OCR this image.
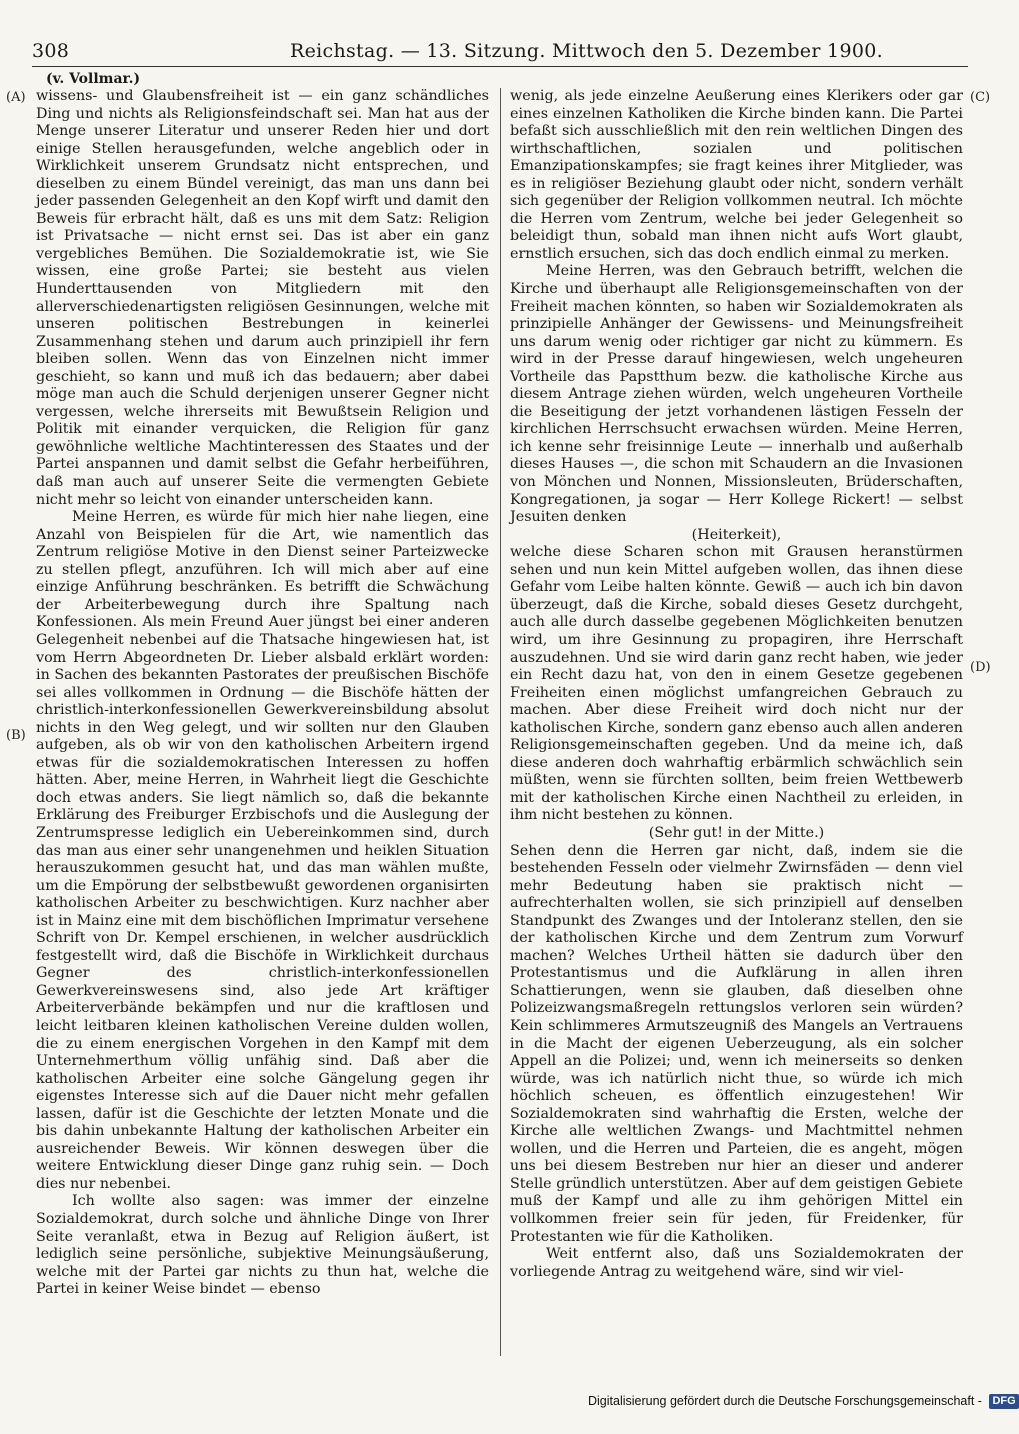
308	Reichstag. — 13. Sitzung. Mittwoch den 5. Dezember 1900.
(v. Vollmar.)
(A)
(B)
(C)
(D)

wissens- und Glaubensfreiheit ist — ein ganz schändliches Ding und nichts als Religionsfeindschaft sei. Man hat aus der Menge unserer Literatur und unserer Reden hier und dort einige Stellen herausgefunden, welche angeblich oder in Wirklichkeit unserem Grundsatz nicht entsprechen, und dieselben zu einem Bündel vereinigt, das man uns dann bei jeder passenden Gelegenheit an den Kopf wirft und damit den Beweis für erbracht hält, daß es uns mit dem Satz: Religion ist Privatsache — nicht ernst sei. Das ist aber ein ganz vergebliches Bemühen. Die Sozialdemokratie ist, wie Sie wissen, eine große Partei; sie besteht aus vielen Hunderttausenden von Mitgliedern mit den allerverschiedenartigsten religiösen Gesinnungen, welche mit unseren politischen Bestrebungen in keinerlei Zusammenhang stehen und darum auch prinzipiell ihr fern bleiben sollen. Wenn das von Einzelnen nicht immer geschieht, so kann und muß ich das bedauern; aber dabei möge man auch die Schuld derjenigen unserer Gegner nicht vergessen, welche ihrerseits mit Bewußtsein Religion und Politik mit einander verquicken, die Religion für ganz gewöhnliche weltliche Machtinteressen des Staates und der Partei anspannen und damit selbst die Gefahr herbeiführen, daß man auch auf unserer Seite die vermengten Gebiete nicht mehr so leicht von einander unterscheiden kann.

Meine Herren, es würde für mich hier nahe liegen, eine Anzahl von Beispielen für die Art, wie namentlich das Zentrum religiöse Motive in den Dienst seiner Parteizwecke zu stellen pflegt, anzuführen. Ich will mich aber auf eine einzige Anführung beschränken. Es betrifft die Schwächung der Arbeiterbewegung durch ihre Spaltung nach Konfessionen. Als mein Freund Auer jüngst bei einer anderen Gelegenheit nebenbei auf die Thatsache hingewiesen hat, ist vom Herrn Abgeordneten Dr. Lieber alsbald erklärt worden: in Sachen des bekannten Pastorates der preußischen Bischöfe sei alles vollkommen in Ordnung — die Bischöfe hätten der christlich-interkonfessionellen Gewerkvereinsbildung absolut nichts in den Weg gelegt, und wir sollten nur den Glauben aufgeben, als ob wir von den katholischen Arbeitern irgend etwas für die sozialdemokratischen Interessen zu hoffen hätten. Aber, meine Herren, in Wahrheit liegt die Geschichte doch etwas anders. Sie liegt nämlich so, daß die bekannte Erklärung des Freiburger Erzbischofs und die Auslegung der Zentrumspresse lediglich ein Uebereinkommen sind, durch das man aus einer sehr unangenehmen und heiklen Situation herauszukommen gesucht hat, und das man wählen mußte, um die Empörung der selbstbewußt gewordenen organisirten katholischen Arbeiter zu beschwichtigen. Kurz nachher aber ist in Mainz eine mit dem bischöflichen Imprimatur versehene Schrift von Dr. Kempel erschienen, in welcher ausdrücklich festgestellt wird, daß die Bischöfe in Wirklichkeit durchaus Gegner des christlich-interkonfessionellen Gewerkvereinswesens sind, also jede Art kräftiger Arbeiterverbände bekämpfen und nur die kraftlosen und leicht leitbaren kleinen katholischen Vereine dulden wollen, die zu einem energischen Vorgehen in den Kampf mit dem Unternehmerthum völlig unfähig sind. Daß aber die katholischen Arbeiter eine solche Gängelung gegen ihr eigenstes Interesse sich auf die Dauer nicht mehr gefallen lassen, dafür ist die Geschichte der letzten Monate und die bis dahin unbekannte Haltung der katholischen Arbeiter ein ausreichender Beweis. Wir können deswegen über die weitere Entwicklung dieser Dinge ganz ruhig sein. — Doch dies nur nebenbei.

Ich wollte also sagen: was immer der einzelne Sozialdemokrat, durch solche und ähnliche Dinge von Ihrer Seite veranlaßt, etwa in Bezug auf Religion äußert, ist lediglich seine persönliche, subjektive Meinungsäußerung, welche mit der Partei gar nichts zu thun hat, welche die Partei in keiner Weise bindet — ebenso

wenig, als jede einzelne Aeußerung eines Klerikers oder gar eines einzelnen Katholiken die Kirche binden kann. Die Partei befaßt sich ausschließlich mit den rein weltlichen Dingen des wirthschaftlichen, sozialen und politischen Emanzipationskampfes; sie fragt keines ihrer Mitglieder, was es in religiöser Beziehung glaubt oder nicht, sondern verhält sich gegenüber der Religion vollkommen neutral. Ich möchte die Herren vom Zentrum, welche bei jeder Gelegenheit so beleidigt thun, sobald man ihnen nicht aufs Wort glaubt, ernstlich ersuchen, sich das doch endlich einmal zu merken.

Meine Herren, was den Gebrauch betrifft, welchen die Kirche und überhaupt alle Religionsgemeinschaften von der Freiheit machen könnten, so haben wir Sozialdemokraten als prinzipielle Anhänger der Gewissens- und Meinungsfreiheit uns darum wenig oder richtiger gar nicht zu kümmern. Es wird in der Presse darauf hingewiesen, welch ungeheuren Vortheile das Papstthum bezw. die katholische Kirche aus diesem Antrage ziehen würden, welch ungeheuren Vortheile die Beseitigung der jetzt vorhandenen lästigen Fesseln der kirchlichen Herrschsucht erwachsen würden. Meine Herren, ich kenne sehr freisinnige Leute — innerhalb und außerhalb dieses Hauses —, die schon mit Schaudern an die Invasionen von Mönchen und Nonnen, Missionsleuten, Brüderschaften, Kongregationen, ja sogar — Herr Kollege Rickert! — selbst Jesuiten denken

(Heiterkeit),

welche diese Scharen schon mit Grausen heranstürmen sehen und nun kein Mittel aufgeben wollen, das ihnen diese Gefahr vom Leibe halten könnte. Gewiß — auch ich bin davon überzeugt, daß die Kirche, sobald dieses Gesetz durchgeht, auch alle durch dasselbe gegebenen Möglichkeiten benutzen wird, um ihre Gesinnung zu propagiren, ihre Herrschaft auszudehnen. Und sie wird darin ganz recht haben, wie jeder ein Recht dazu hat, von den in einem Gesetze gegebenen Freiheiten einen möglichst umfangreichen Gebrauch zu machen. Aber diese Freiheit wird doch nicht nur der katholischen Kirche, sondern ganz ebenso auch allen anderen Religionsgemeinschaften gegeben. Und da meine ich, daß diese anderen doch wahrhaftig erbärmlich schwächlich sein müßten, wenn sie fürchten sollten, beim freien Wettbewerb mit der katholischen Kirche einen Nachtheil zu erleiden, in ihm nicht bestehen zu können.

(Sehr gut! in der Mitte.)

Sehen denn die Herren gar nicht, daß, indem sie die bestehenden Fesseln oder vielmehr Zwirnsfäden — denn viel mehr Bedeutung haben sie praktisch nicht — aufrechterhalten wollen, sie sich prinzipiell auf denselben Standpunkt des Zwanges und der Intoleranz stellen, den sie der katholischen Kirche und dem Zentrum zum Vorwurf machen? Welches Urtheil hätten sie dadurch über den Protestantismus und die Aufklärung in allen ihren Schattierungen, wenn sie glauben, daß dieselben ohne Polizeizwangsmaßregeln rettungslos verloren sein würden? Kein schlimmeres Armutszeugniß des Mangels an Vertrauens in die Macht der eigenen Ueberzeugung, als ein solcher Appell an die Polizei; und, wenn ich meinerseits so denken würde, was ich natürlich nicht thue, so würde ich mich höchlich scheuen, es öffentlich einzugestehen! Wir Sozialdemokraten sind wahrhaftig die Ersten, welche der Kirche alle weltlichen Zwangs- und Machtmittel nehmen wollen, und die Herren und Parteien, die es angeht, mögen uns bei diesem Bestreben nur hier an dieser und anderer Stelle gründlich unterstützen. Aber auf dem geistigen Gebiete muß der Kampf und alle zu ihm gehörigen Mittel ein vollkommen freier sein für jeden, für Freidenker, für Protestanten wie für die Katholiken.

Weit entfernt also, daß uns Sozialdemokraten der vorliegende Antrag zu weitgehend wäre, sind wir viel-

Digitalisierung gefördert durch die Deutsche Forschungsgemeinschaft - DFG
